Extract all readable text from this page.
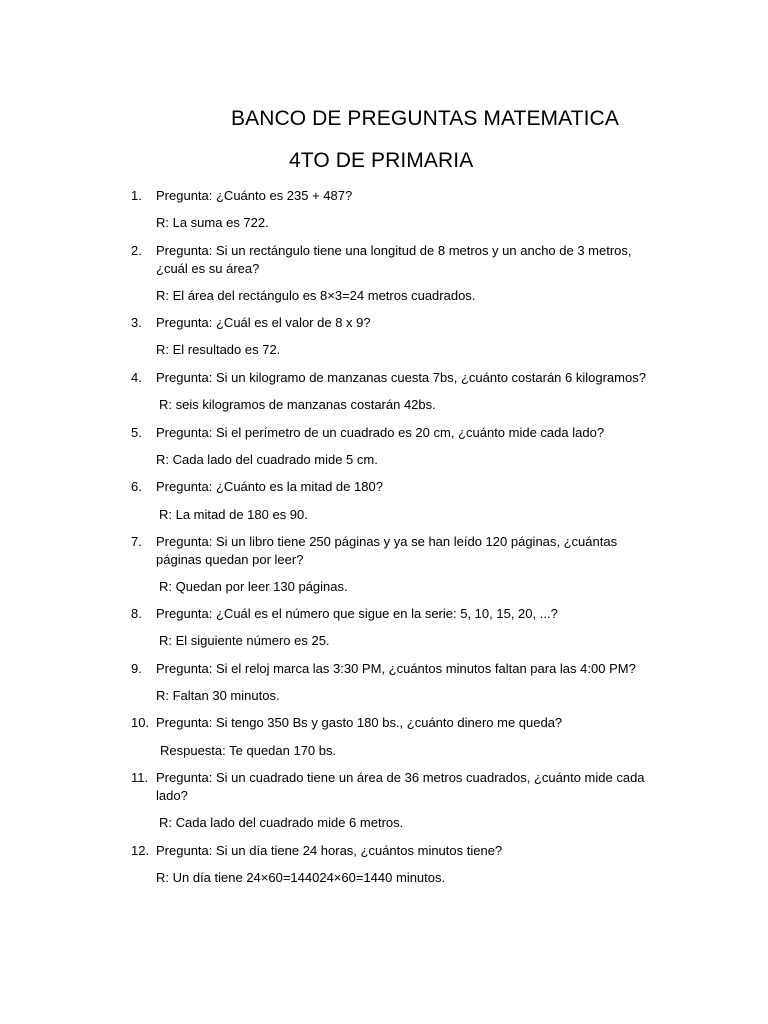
BANCO DE PREGUNTAS MATEMATICA
4TO DE PRIMARIA
1. Pregunta: ¿Cuánto es 235 + 487?
R: La suma es 722.
2. Pregunta: Si un rectángulo tiene una longitud de 8 metros y un ancho de 3 metros, ¿cuál es su área?
R: El área del rectángulo es 8×3=24 metros cuadrados.
3. Pregunta: ¿Cuál es el valor de 8 x 9?
R: El resultado es 72.
4. Pregunta: Si un kilogramo de manzanas cuesta 7bs, ¿cuánto costarán 6 kilogramos?
R: seis kilogramos de manzanas costarán 42bs.
5. Pregunta: Si el perímetro de un cuadrado es 20 cm, ¿cuánto mide cada lado?
R: Cada lado del cuadrado mide 5 cm.
6. Pregunta: ¿Cuánto es la mitad de 180?
R: La mitad de 180 es 90.
7. Pregunta: Si un libro tiene 250 páginas y ya se han leído 120 páginas, ¿cuántas páginas quedan por leer?
R: Quedan por leer 130 páginas.
8. Pregunta: ¿Cuál es el número que sigue en la serie: 5, 10, 15, 20, ...?
R: El siguiente número es 25.
9. Pregunta: Si el reloj marca las 3:30 PM, ¿cuántos minutos faltan para las 4:00 PM?
R: Faltan 30 minutos.
10. Pregunta: Si tengo 350 Bs y gasto 180 bs., ¿cuánto dinero me queda?
Respuesta: Te quedan 170 bs.
11. Pregunta: Si un cuadrado tiene un área de 36 metros cuadrados, ¿cuánto mide cada lado?
R: Cada lado del cuadrado mide 6 metros.
12. Pregunta: Si un día tiene 24 horas, ¿cuántos minutos tiene?
R: Un día tiene 24×60=144024×60=1440 minutos.
